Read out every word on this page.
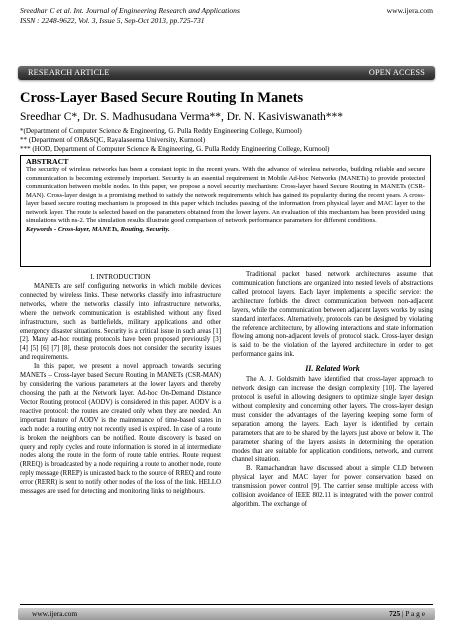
Sreedhar C et al. Int. Journal of Engineering Research and Applications
ISSN : 2248-9622, Vol. 3, Issue 5, Sep-Oct 2013, pp.725-731
www.ijera.com
RESEARCH ARTICLE	OPEN ACCESS
Cross-Layer Based Secure Routing In Manets
Sreedhar C*, Dr. S. Madhusudana Verma**, Dr. N. Kasiviswanath***
*(Department of Computer Science & Engineering, G. Pulla Reddy Engineering College, Kurnool)
** (Department of OR&SQC, Rayalaseema University, Kurnool)
*** (HOD, Department of Computer Science & Engineering, G. Pulla Reddy Engineering College, Kurnool)
ABSTRACT
The security of wireless networks has been a constant topic in the recent years. With the advance of wireless networks, building reliable and secure communication is becoming extremely important. Security is an essential requirement in Mobile Ad-hoc Networks (MANETs) to provide protected communication between mobile nodes. In this paper, we propose a novel security mechanism: Cross-layer based Secure Routing in MANETs (CSR-MAN). Cross-layer design is a promising method to satisfy the network requirements which has gained its popularity during the recent years. A cross-layer based secure routing mechanism is proposed in this paper which includes passing of the information from physical layer and MAC layer to the network layer. The route is selected based on the parameters obtained from the lower layers. An evaluation of this mechanism has been provided using simulations with ns-2. The simulation results illustrate good comparison of network performance parameters for different conditions.
Keywords - Cross-layer, MANETs, Routing, Security.
I. INTRODUCTION

MANETs are self configuring networks in which mobile devices connected by wireless links. These networks classify into infrastructure networks, where the networks classify into infrastructure networks, where the network communication is established without any fixed infrastructure, such as battlefields, military applications and other emergency disaster situations. Security is a critical issue in such areas [1] [2]. Many ad-hoc routing protocols have been proposed previously [3] [4] [5] [6] [7] [8], these protocols does not consider the security issues and requirements.

In this paper, we present a novel approach towards securing MANETs – Cross-layer based Secure Routing in MANETs (CSR-MAN) by considering the various parameters at the lower layers and thereby choosing the path at the Network layer. Ad-hoc On-Demand Distance Vector Routing protocol (AODV) is considered in this paper. AODV is a reactive protocol: the routes are created only when they are needed. An important feature of AODV is the maintenance of time-based states in each node: a routing entry not recently used is expired. In case of a route is broken the neighbors can be notified. Route discovery is based on query and reply cycles and route information is stored in al intermediate nodes along the route in the form of route table entries. Route request (RREQ) is broadcasted by a node requiring a route to another node, route reply message (RREP) is unicasted back to the source of RREQ and route error (RERR) is sent to notify other nodes of the loss of the link. HELLO messages are used for detecting and monitoring links to neighbours.

Traditional packet based network architectures assume that communication functions are organized into nested levels of abstractions called protocol layers. Each layer implements a specific service: the architecture forbids the direct communication between non-adjacent layers, while the communication between adjacent layers works by using standard interfaces. Alternatively, protocols can be designed by violating the reference architecture, by allowing interactions and state information flowing among non-adjacent levels of protocol stack. Cross-layer design is said to be the violation of the layered architecture in order to get performance gains ink.

II. Related Work

The A. J. Goldsmith have identified that cross-layer approach to network design can increase the design complexity [10]. The layered protocol is useful in allowing designers to optimize single layer design without complexity and concerning other layers. The cross-layer design must consider the advantages of the layering keeping some form of separation among the layers. Each layer is identified by certain parameters that are to be shared by the layers just above or below it. The parameter sharing of the layers assists in determining the operation modes that are suitable for application conditions, network, and current channel situation.

B. Ramachandran have discussed about a simple CLD between physical layer and MAC layer for power conservation based on transmission power control [9]. The carrier sense multiple access with collision avoidance of IEEE 802.11 is integrated with the power control algorithm. The exchange of

www.ijera.com	725 | P a g e
